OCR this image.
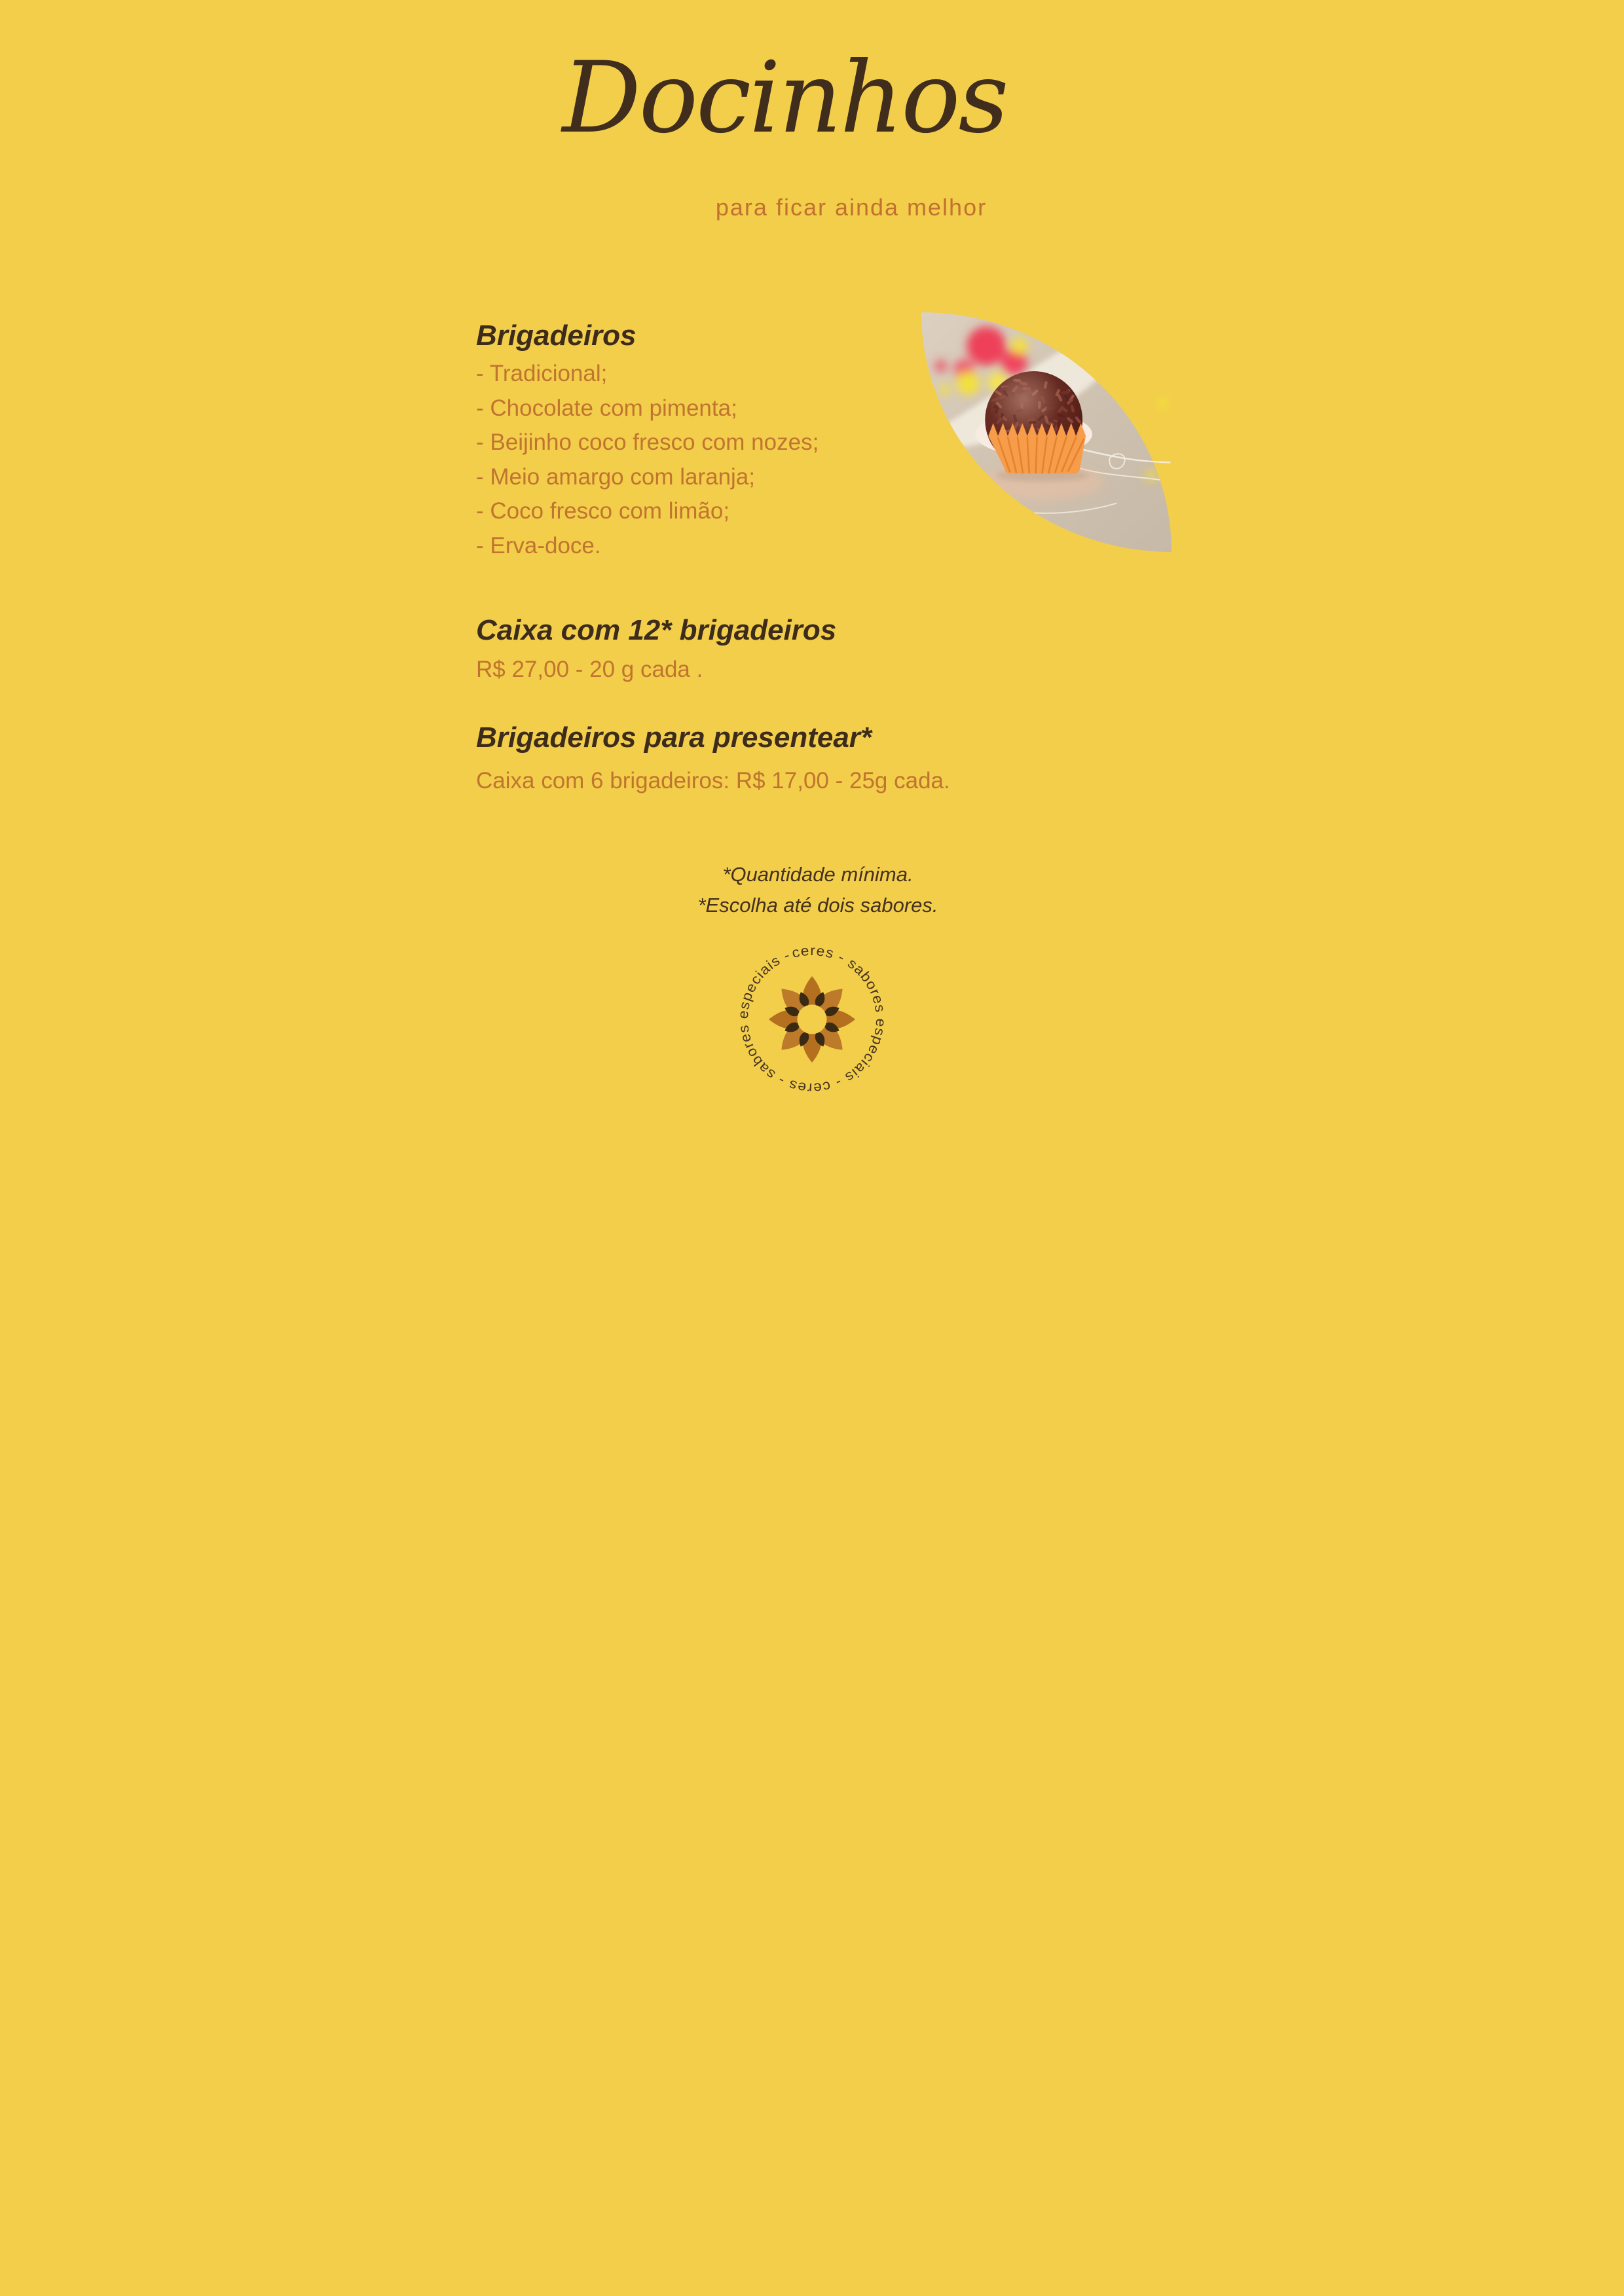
Docinhos
para ficar ainda melhor
Brigadeiros
- Tradicional;
- Chocolate com pimenta;
- Beijinho coco fresco com nozes;
- Meio amargo com laranja;
- Coco fresco com limão;
- Erva-doce.
Caixa com 12* brigadeiros
R$ 27,00 - 20 g cada .
Brigadeiros para presentear*
Caixa com 6 brigadeiros: R$ 17,00 - 25g cada.
*Quantidade mínima.
*Escolha até dois sabores.
ceres - sabores especiais - ceres - sabores especiais -
